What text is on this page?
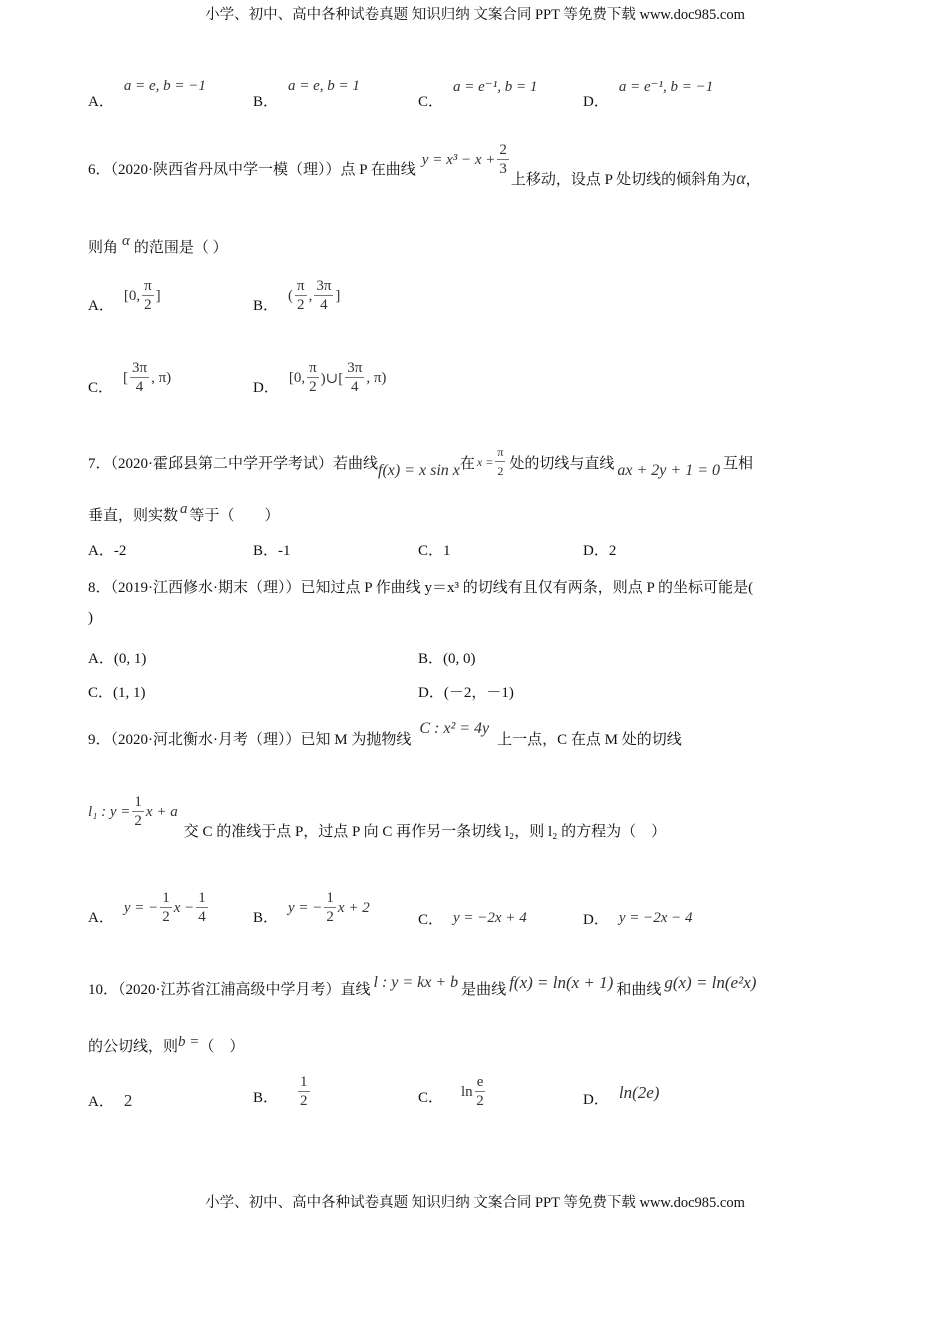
小学、初中、高中各种试卷真题 知识归纳 文案合同 PPT 等免费下载 www.doc985.com
A．
a = e, b = −1
B．
a = e, b = 1
C．
a = e⁻¹, b = 1
D．
a = e⁻¹, b = −1
6．（2020·陕西省丹凤中学一模（理））点 P 在曲线
$y = x^3 - x + \frac{2}{3}$
上移动，设点 P 处切线的倾斜角为 α ，
则角 α 的范围是（ ）
A．
[0, $\frac{\pi}{2}$ ]
B．
( $\frac{\pi}{2}$ , $\frac{3\pi}{4}$ ]
C．
[ $\frac{3\pi}{4}$ , π)
D．
[0, $\frac{\pi}{2}$ )∪[ $\frac{3\pi}{4}$ , π)
7．（2020·霍邱县第二中学开学考试）若曲线 f(x) = x sin x 在 $x = \frac{\pi}{2}$ 处的切线与直线 ax + 2y + 1 = 0 互相
垂直，则实数 a 等于（　　）
A．-2	B．-1	C．1	D．2
8．（2019·江西修水·期末（理））已知过点 P 作曲线 y＝x³ 的切线有且仅有两条，则点 P 的坐标可能是(
)
A．(0, 1)	B．(0, 0)
C．(1, 1)	D．(－2，－1)
9．（2020·河北衡水·月考（理））已知 M 为抛物线
C : x² = 4y
上一点，C 在点 M 处的切线
l₁ : $y = \frac{1}{2}$ x + a
交 C 的准线于点 P，过点 P 向 C 再作另一条切线 l₂，则 l₂ 的方程为（　）
A．
y = − $\frac{1}{2}$ $x - \frac{1}{4}$	B．
y = − $\frac{1}{2}$ x + 2
C． y = −2x + 4	D． y = −2x − 4
10．（2020·江苏省江浦高级中学月考）直线 l : y = kx + b 是曲线 f(x) = ln(x + 1) 和曲线 g(x) = ln(e²x)
的公切线，则 b = （　）
A． 2	B． $\frac{1}{2}$	C． $\ln \frac{e}{2}$	D． ln(2e)
小学、初中、高中各种试卷真题 知识归纳 文案合同 PPT 等免费下载 www.doc985.com
